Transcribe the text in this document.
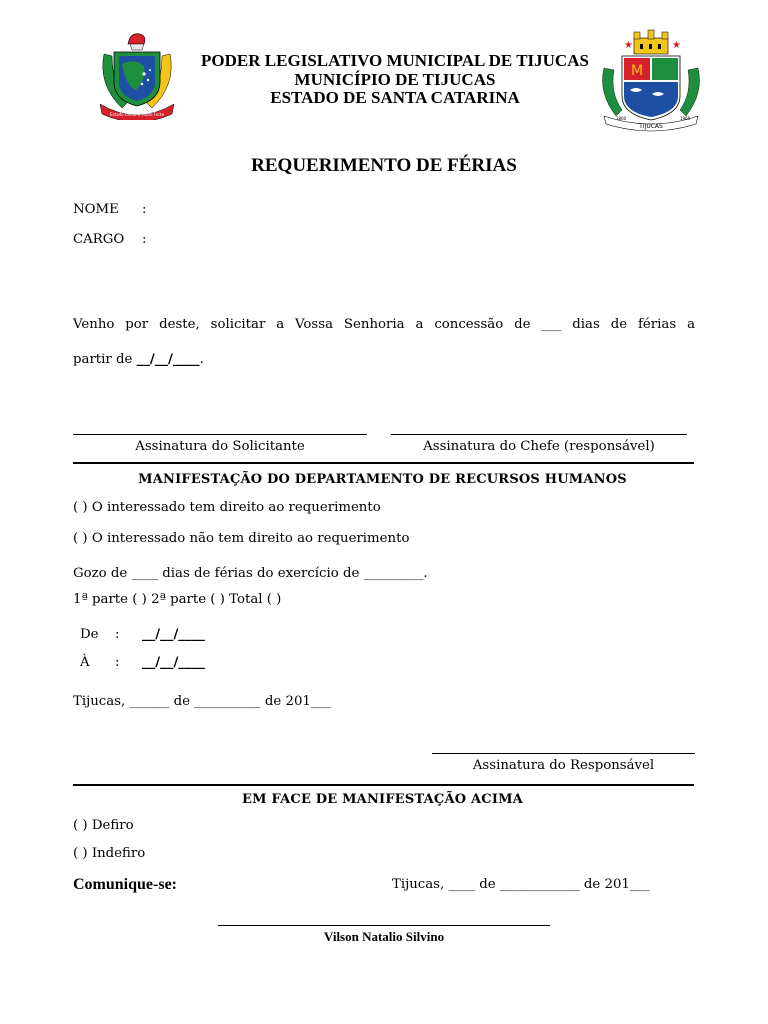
Estado Unido e Muito Forte
★	★
M
TIJUCAS
1860	1960
PODER LEGISLATIVO MUNICIPAL DE TIJUCAS
MUNICÍPIO DE TIJUCAS
ESTADO DE SANTA CATARINA
REQUERIMENTO DE FÉRIAS
NOME :
CARGO :
Venho por deste, solicitar a Vossa Senhoria a concessão de ___ dias de férias a
partir de __/__/____.
Assinatura do Solicitante	Assinatura do Chefe (responsável)
MANIFESTAÇÃO DO DEPARTAMENTO DE RECURSOS HUMANOS
( ) O interessado tem direito ao requerimento
( ) O interessado não tem direito ao requerimento
Gozo de ____ dias de férias do exercício de _________.
1ª parte ( ) 2ª parte ( ) Total ( )
De : __/__/____
À : __/__/____
Tijucas, ______ de __________ de 201___
Assinatura do Responsável
EM FACE DE MANIFESTAÇÃO ACIMA
( ) Defiro
( ) Indefiro
Comunique-se:	Tijucas, ____ de ____________ de 201___
Vilson Natalio Silvino
